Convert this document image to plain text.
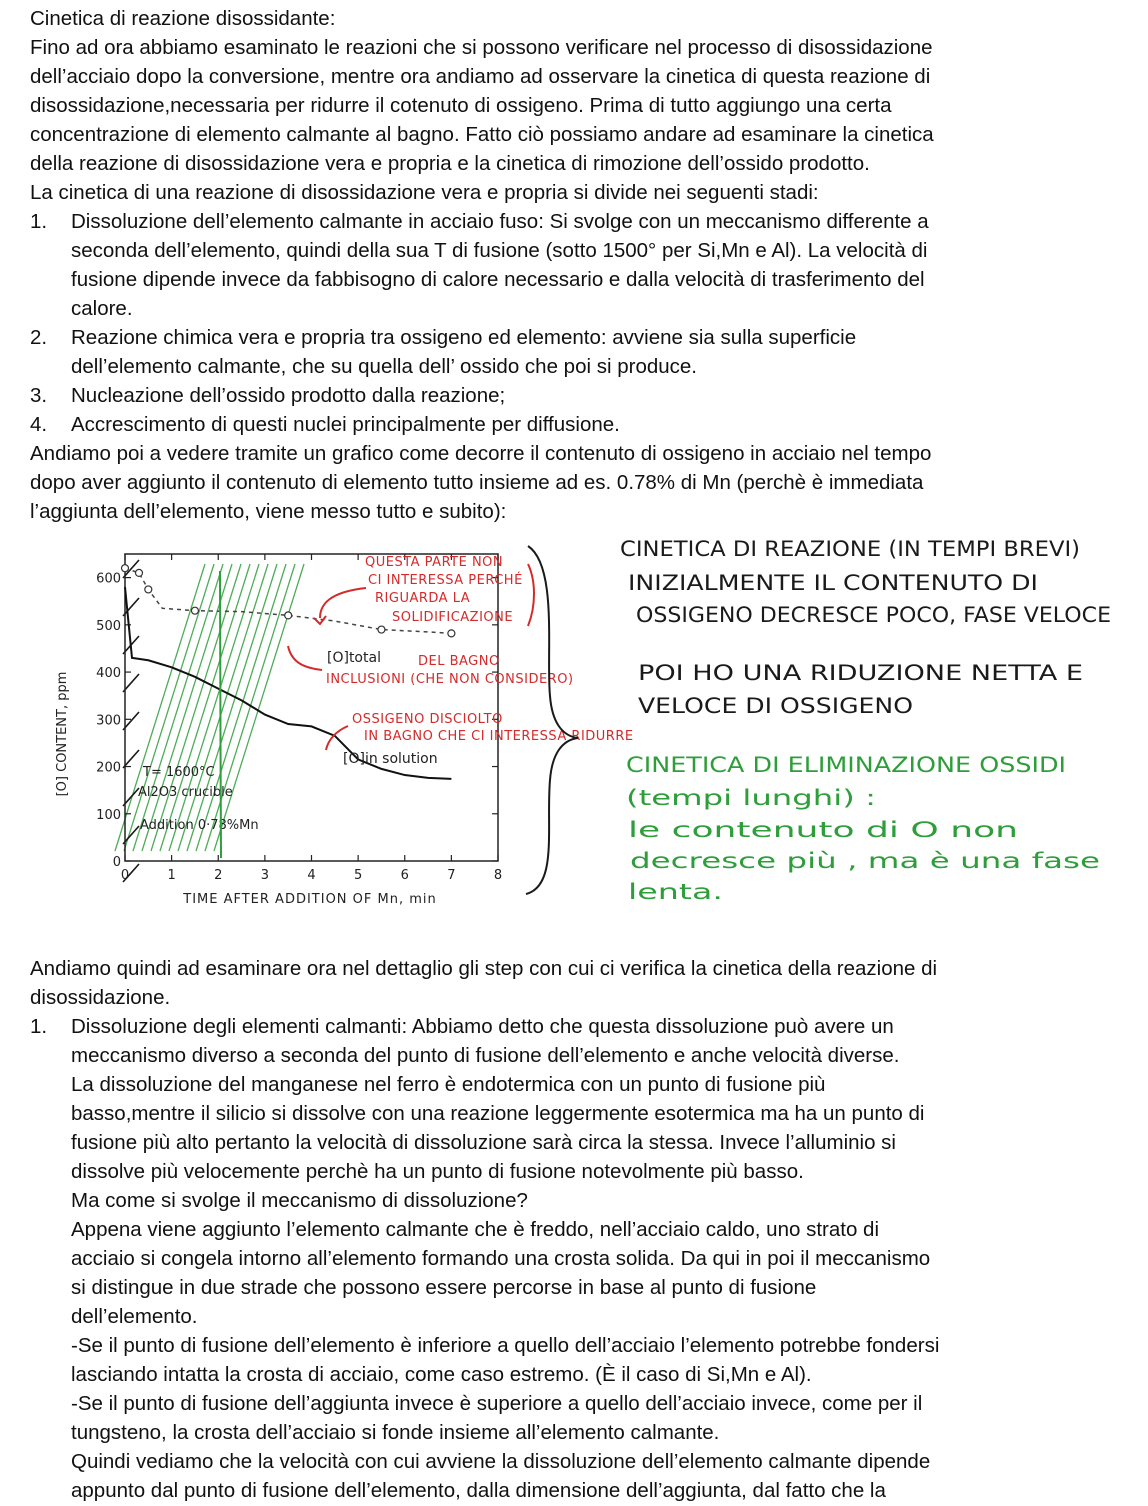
Cinetica di reazione disossidante:

Fino ad ora abbiamo esaminato le reazioni che si possono verificare nel processo di disossidazione

dell’acciaio dopo la conversione, mentre ora andiamo ad osservare la cinetica di questa reazione di

disossidazione,necessaria per ridurre il cotenuto di ossigeno. Prima di tutto aggiungo una certa

concentrazione di elemento calmante al bagno. Fatto ciò possiamo andare ad esaminare la cinetica

della reazione di disossidazione vera e propria e la cinetica di rimozione dell’ossido prodotto.

La cinetica di una reazione di disossidazione vera e propria si divide nei seguenti stadi:

1. Dissoluzione dell’elemento calmante in acciaio fuso: Si svolge con un meccanismo differente a
seconda dell’elemento, quindi della sua T di fusione (sotto 1500° per Si,Mn e Al). La velocità di
fusione dipende invece da fabbisogno di calore necessario e dalla velocità di trasferimento del
calore.
2. Reazione chimica vera e propria tra ossigeno ed elemento: avviene sia sulla superficie
dell’elemento calmante, che su quella dell’ ossido che poi si produce.
3. Nucleazione dell’ossido prodotto dalla reazione;
4. Accrescimento di questi nuclei principalmente per diffusione.

Andiamo poi a vedere tramite un grafico come decorre il contenuto di ossigeno in acciaio nel tempo

dopo aver aggiunto il contenuto di elemento tutto insieme ad es. 0.78% di Mn (perchè è immediata

l’aggiunta dell’elemento, viene messo tutto e subito):

0	1	2	3	4	5	6	7	8
0
100
200
300
400
500
600
TIME AFTER ADDITION OF Mn, min
[O] CONTENT, ppm
[O]total
[O]in solution
T= 1600°C
Al2O3 crucible
Addition 0·78%Mn
QUESTA PARTE NON
CI INTERESSA PERCHÉ
RIGUARDA LA
SOLIDIFICAZIONE
DEL BAGNO
INCLUSIONI (CHE NON CONSIDERO)
OSSIGENO DISCIOLTO
IN BAGNO CHE CI INTERESSA RIDURRE
CINETICA DI REAZIONE (IN TEMPI BREVI)
INIZIALMENTE IL CONTENUTO DI
OSSIGENO DECRESCE POCO, FASE VELOCE
POI HO UNA RIDUZIONE NETTA E
VELOCE DI OSSIGENO
CINETICA DI ELIMINAZIONE OSSIDI
(tempi lunghi) :
le contenuto di O non
decresce più , ma è una fase
lenta.

Andiamo quindi ad esaminare ora nel dettaglio gli step con cui ci verifica la cinetica della reazione di

disossidazione.

1. Dissoluzione degli elementi calmanti: Abbiamo detto che questa dissoluzione può avere un
meccanismo diverso a seconda del punto di fusione dell’elemento e anche velocità diverse.
La dissoluzione del manganese nel ferro è endotermica con un punto di fusione più
basso,mentre il silicio si dissolve con una reazione leggermente esotermica ma ha un punto di
fusione più alto pertanto la velocità di dissoluzione sarà circa la stessa. Invece l’alluminio si
dissolve più velocemente perchè ha un punto di fusione notevolmente più basso.
Ma come si svolge il meccanismo di dissoluzione?
Appena viene aggiunto l’elemento calmante che è freddo, nell’acciaio caldo, uno strato di
acciaio si congela intorno all’elemento formando una crosta solida. Da qui in poi il meccanismo
si distingue in due strade che possono essere percorse in base al punto di fusione
dell’elemento.
-Se il punto di fusione dell’elemento è inferiore a quello dell’acciaio l’elemento potrebbe fondersi
lasciando intatta la crosta di acciaio, come caso estremo. (È il caso di Si,Mn e Al).
-Se il punto di fusione dell’aggiunta invece è superiore a quello dell’acciaio invece, come per il
tungsteno, la crosta dell’acciaio si fonde insieme all’elemento calmante.
Quindi vediamo che la velocità con cui avviene la dissoluzione dell’elemento calmante dipende
appunto dal punto di fusione dell’elemento, dalla dimensione dell’aggiunta, dal fatto che la
